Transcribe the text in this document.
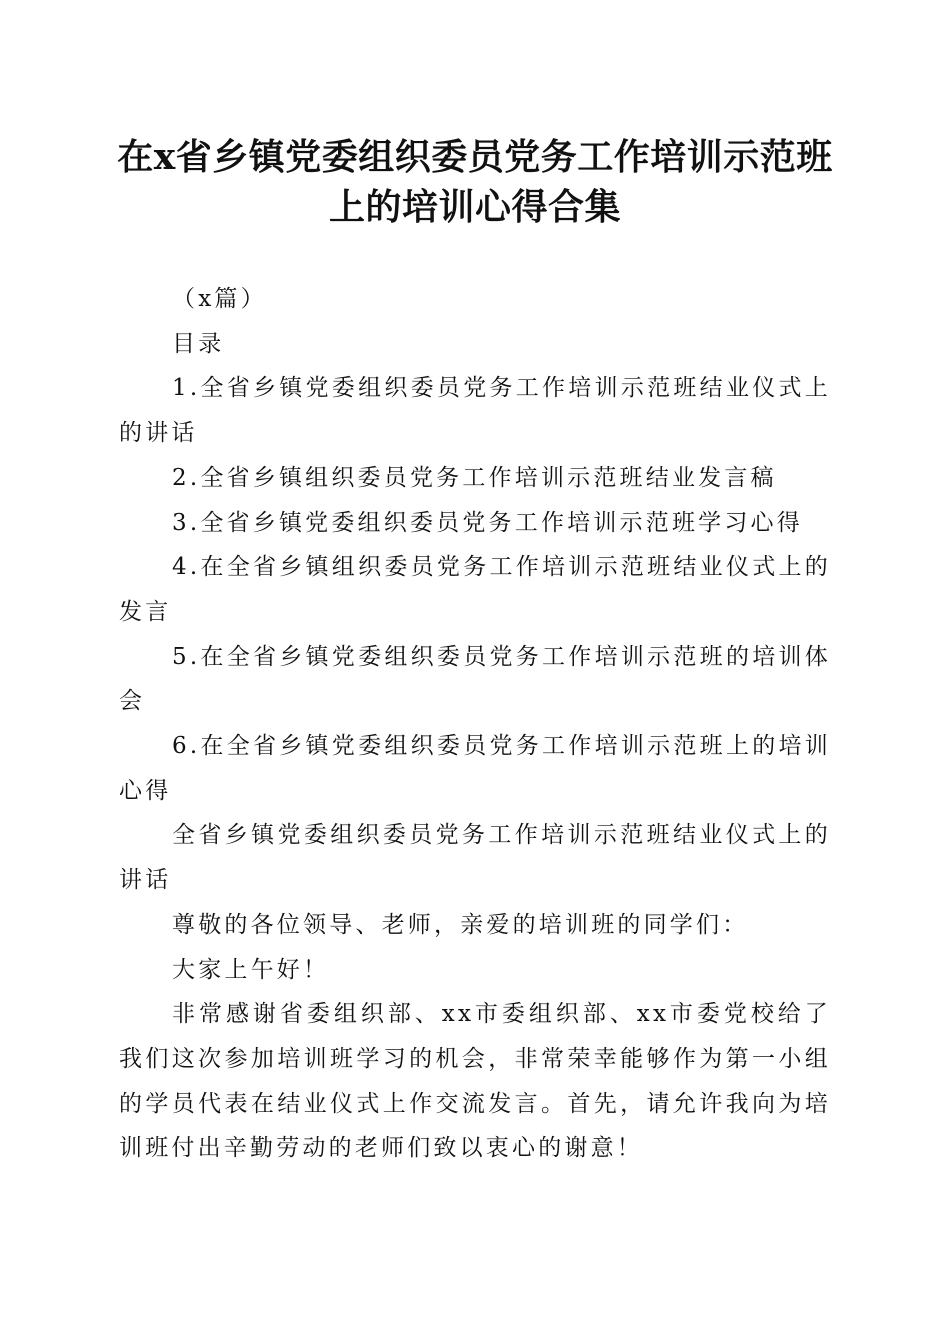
在x省乡镇党委组织委员党务工作培训示范班上的培训心得合集

（x篇）

目录

1.全省乡镇党委组织委员党务工作培训示范班结业仪式上的讲话

2.全省乡镇组织委员党务工作培训示范班结业发言稿

3.全省乡镇党委组织委员党务工作培训示范班学习心得

4.在全省乡镇组织委员党务工作培训示范班结业仪式上的发言

5.在全省乡镇党委组织委员党务工作培训示范班的培训体会

6.在全省乡镇党委组织委员党务工作培训示范班上的培训心得

全省乡镇党委组织委员党务工作培训示范班结业仪式上的讲话

尊敬的各位领导、老师，亲爱的培训班的同学们：

大家上午好！

非常感谢省委组织部、xx市委组织部、xx市委党校给了我们这次参加培训班学习的机会，非常荣幸能够作为第一小组的学员代表在结业仪式上作交流发言。首先，请允许我向为培训班付出辛勤劳动的老师们致以衷心的谢意！
